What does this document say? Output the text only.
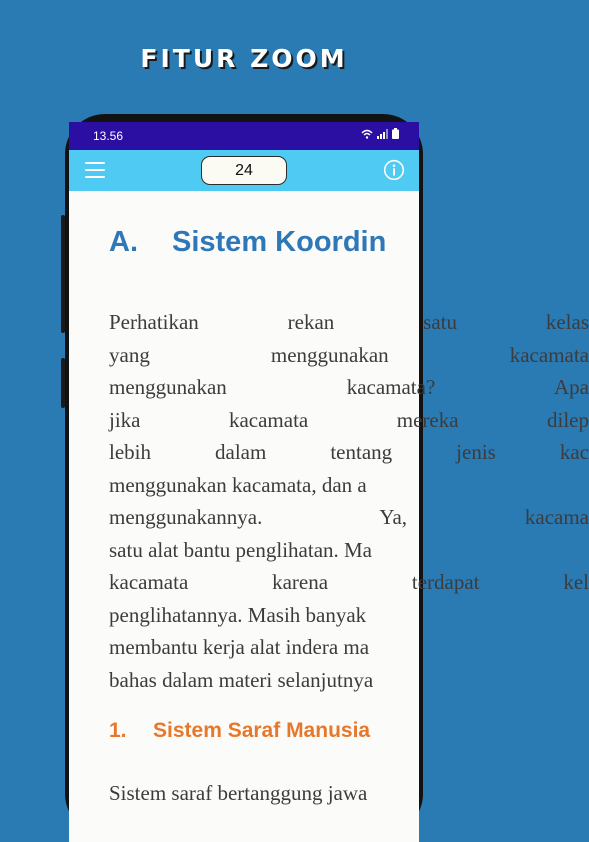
FITUR ZOOM
13.56
24
A. Sistem Koordin
Perhatikan rekan satu kelas
yang menggunakan kacamata
menggunakan kacamata? Apa
jika kacamata mereka dilep
lebih dalam tentang jenis kac
menggunakan kacamata, dan a
menggunakannya. Ya, kacama
satu alat bantu penglihatan. Ma
kacamata karena terdapat kel
penglihatannya. Masih banyak
membantu kerja alat indera ma
bahas dalam materi selanjutnya
1. Sistem Saraf Manusia
Sistem saraf bertanggung jawa
